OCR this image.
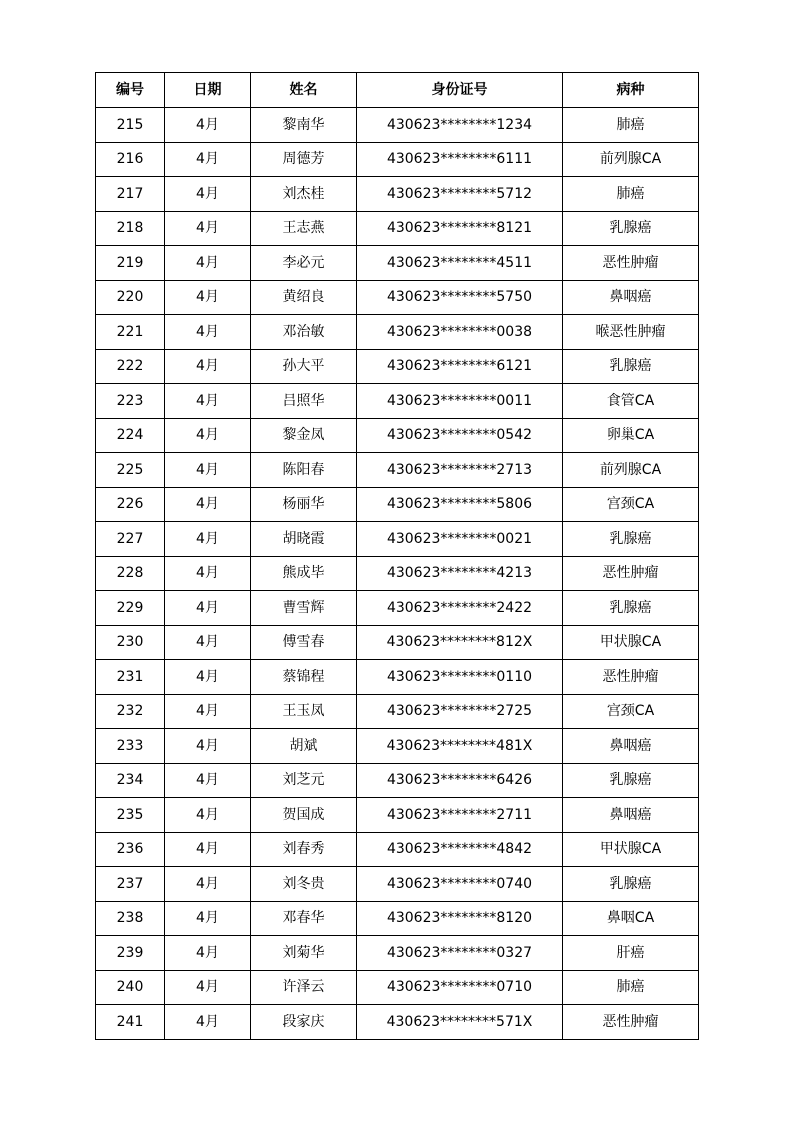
编号	日期	姓名	身份证号	病种
215	4月	黎南华	430623********1234	肺癌
216	4月	周德芳	430623********6111	前列腺CA
217	4月	刘杰桂	430623********5712	肺癌
218	4月	王志燕	430623********8121	乳腺癌
219	4月	李必元	430623********4511	恶性肿瘤
220	4月	黄绍良	430623********5750	鼻咽癌
221	4月	邓治敏	430623********0038	喉恶性肿瘤
222	4月	孙大平	430623********6121	乳腺癌
223	4月	吕照华	430623********0011	食管CA
224	4月	黎金凤	430623********0542	卵巢CA
225	4月	陈阳春	430623********2713	前列腺CA
226	4月	杨丽华	430623********5806	宫颈CA
227	4月	胡晓霞	430623********0021	乳腺癌
228	4月	熊成毕	430623********4213	恶性肿瘤
229	4月	曹雪辉	430623********2422	乳腺癌
230	4月	傅雪春	430623********812X	甲状腺CA
231	4月	蔡锦程	430623********0110	恶性肿瘤
232	4月	王玉凤	430623********2725	宫颈CA
233	4月	胡斌	430623********481X	鼻咽癌
234	4月	刘芝元	430623********6426	乳腺癌
235	4月	贺国成	430623********2711	鼻咽癌
236	4月	刘春秀	430623********4842	甲状腺CA
237	4月	刘冬贵	430623********0740	乳腺癌
238	4月	邓春华	430623********8120	鼻咽CA
239	4月	刘菊华	430623********0327	肝癌
240	4月	许泽云	430623********0710	肺癌
241	4月	段家庆	430623********571X	恶性肿瘤
